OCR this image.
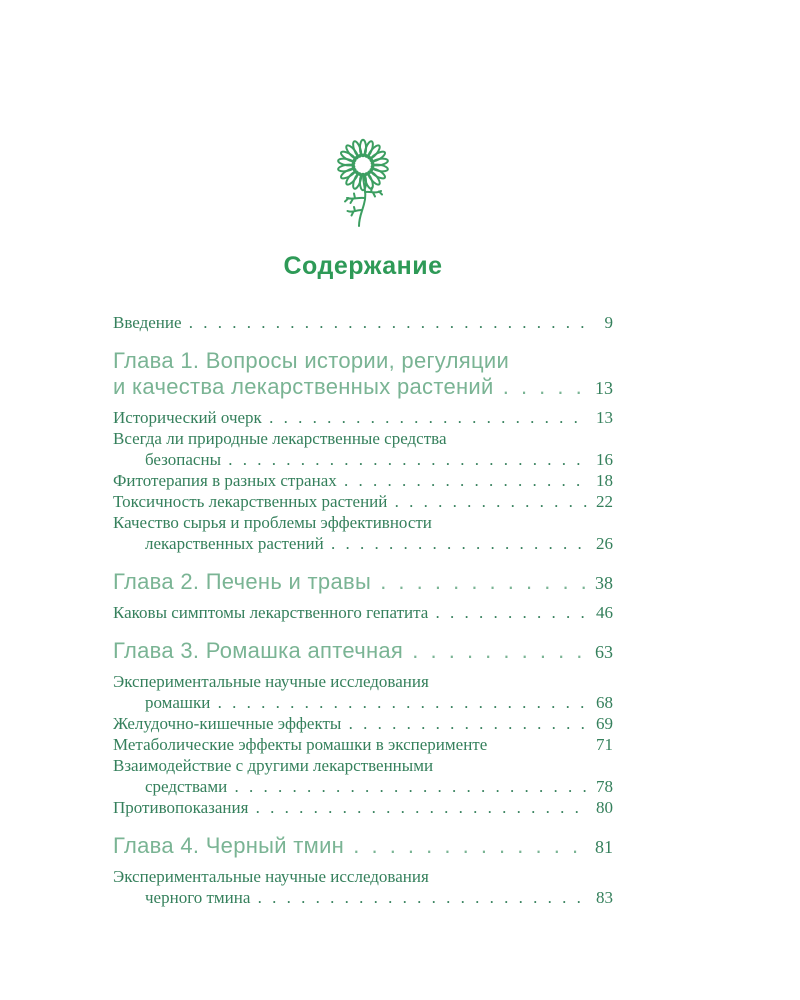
Содержание
Введение . . .	9
Глава 1. Вопросы истории, регуляции
и качества лекарственных растений . . .	13
Исторический очерк . . .	13
Всегда ли природные лекарственные средства
безопасны . . .	16
Фитотерапия в разных странах . . .	18
Токсичность лекарственных растений . . .	22
Качество сырья и проблемы эффективности
лекарственных растений . . .	26
Глава 2. Печень и травы . . .	38
Каковы симптомы лекарственного гепатита . . .	46
Глава 3. Ромашка аптечная . . .	63
Экспериментальные научные исследования
ромашки . . .	68
Желудочно-кишечные эффекты . . .	69
Метаболические эффекты ромашки в эксперименте	71
Взаимодействие с другими лекарственными
средствами . . .	78
Противопоказания . . .	80
Глава 4. Черный тмин . . .	81
Экспериментальные научные исследования
черного тмина . . .	83
